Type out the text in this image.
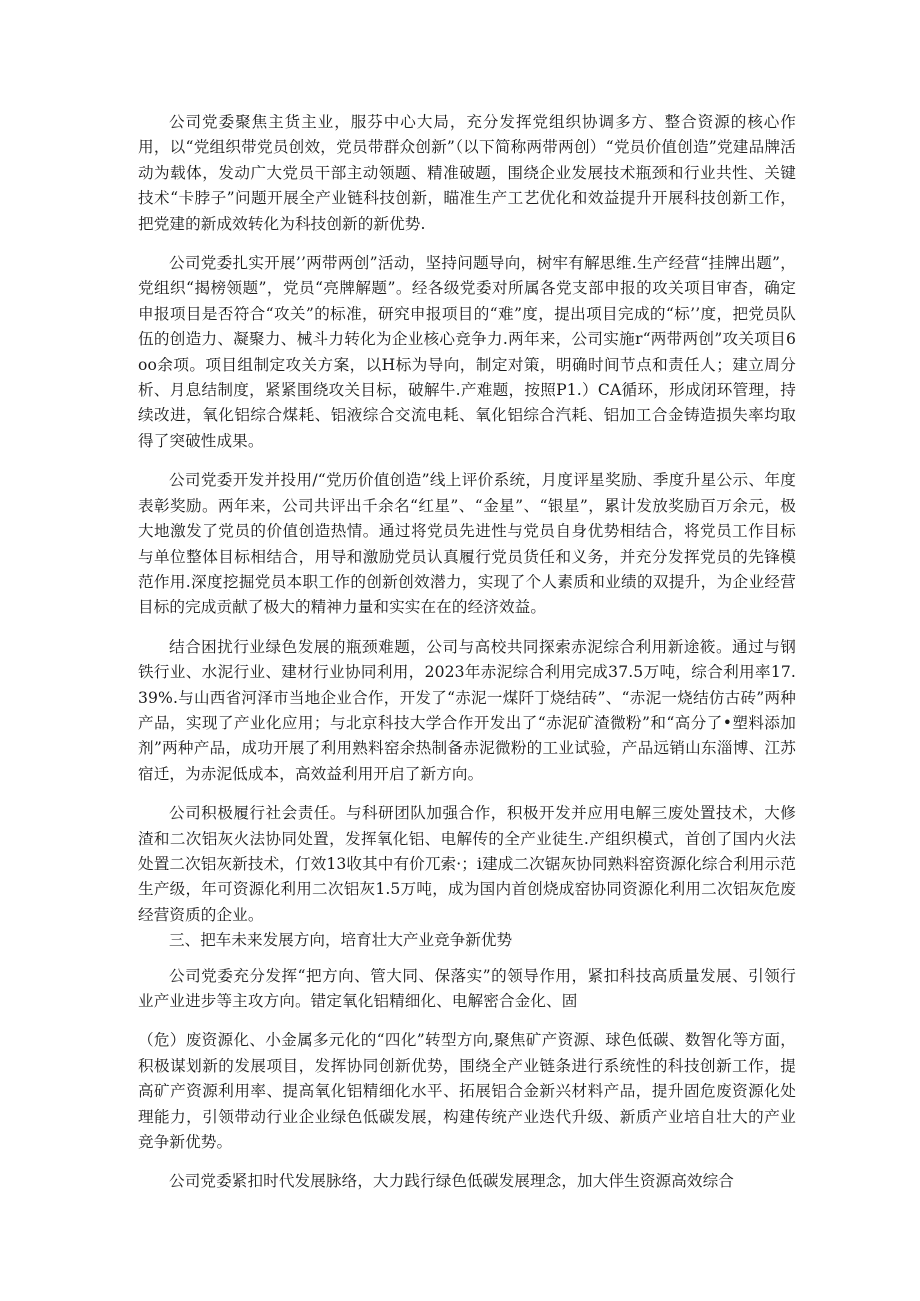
公司党委聚焦主货主业，服芬中心大局，充分发挥党组织协调多方、整合资源的核心作用，以“党组织带党员创效，党员带群众创新”（以下简称两带两创）“党员价值创造”党建品牌活动为载体，发动广大党员干部主动领题、精准破题，围绕企业发展技术瓶颈和行业共性、关键技术“卡脖子”问题开展全产业链科技创新，瞄准生产工艺优化和效益提升开展科技创新工作，把党建的新成效转化为科技创新的新优势.

公司党委扎实开展’’两带两创”活动，坚持问题导向，树牢有解思维.生产经营“挂牌出题”，党组织“揭榜领题”，党员“亮牌解题”。经各级党委对所属各党支部申报的攻关项目审杳，确定申报项目是否符合“攻关”的标准，研究申报项目的“难”度，提出项目完成的“标’’度，把党员队伍的创造力、凝聚力、械斗力转化为企业核心竞争力.两年来，公司实施r“两带两创”攻关项目6oo余项。项目组制定攻关方案，以H标为导向，制定对策，明确时间节点和责任人；建立周分析、月息结制度，紧紧围绕攻关目标，破解牛.产难题，按照P1.）CA循环，形成闭环管理，持续改进，氧化铝综合煤耗、铝液综合交流电耗、氧化铝综合汽耗、铝加工合金铸造损失率均取得了突破性成果。

公司党委开发并投用/“党历价值创造”线上评价系统，月度评星奖励、季度升星公示、年度表彰奖励。两年来，公司共评出千余名“红星”、“金星”、“银星”，累计发放奖励百万余元，极大地激发了党员的价值创造热情。通过将党员先进性与党员自身优势相结合，将党员工作目标与单位整体目标相结合，用导和激励党员认真履行党员货任和义务，并充分发挥党员的先锋模范作用.深度挖掘党员本职工作的创新创效潜力，实现了个人素质和业绩的双提升，为企业经营目标的完成贡献了极大的精神力量和实实在在的经济效益。

结合困扰行业绿色发展的瓶颈难题，公司与高校共同探索赤泥综合利用新途筱。通过与钢铁行业、水泥行业、建材行业协同利用，2023年赤泥综合利用完成37.5万吨，综合利用率17.39%.与山西省河泽市当地企业合作，开发了“赤泥一煤阡丁烧结砖”、“赤泥一烧结仿古砖”两种产品，实现了产业化应用；与北京科技大学合作开发出了“赤泥矿渣微粉”和“高分了•塑料添加剂”两种产品，成功开展了利用熟料窑余热制备赤泥微粉的工业试验，产品远销山东淄博、江苏宿迁，为赤泥低成本，高效益利用开启了新方向。

公司积极履行社会责任。与科研团队加强合作，积极开发并应用电解三废处置技术，大修渣和二次铝灰火法协同处置，发挥氧化铝、电解传的全产业徒生.产组织模式，首创了国内火法处置二次铝灰新技术，仃效13收其中有价兀索·；i建成二次锯灰协同熟料窑资源化综合利用示范生产级，年可资源化利用二次铝灰1.5万吨，成为国内首创烧成窑协同资源化利用二次铝灰危废经营资质的企业。

三、把车未来发展方向，培育壮大产业竞争新优势

公司党委充分发挥“把方向、管大同、保落实”的领导作用，紧扣科技高质量发展、引领行业产业进步等主攻方向。错定氧化铝精细化、电解密合金化、固

（危）废资源化、小金属多元化的“四化”转型方向,聚焦矿产资源、球色低碳、数智化等方面，积极谋划新的发展项目，发挥协同创新优势，围绕全产业链条进行系统性的科技创新工作，提高矿产资源利用率、提高氧化铝精细化水平、拓展铝合金新兴材料产品，提升固危废资源化处理能力，引领带动行业企业绿色低碳发展，构建传统产业迭代升级、新质产业培自壮大的产业竞争新优势。

公司党委紧扣时代发展脉络，大力践行绿色低碳发展理念，加大伴生资源高效综合
